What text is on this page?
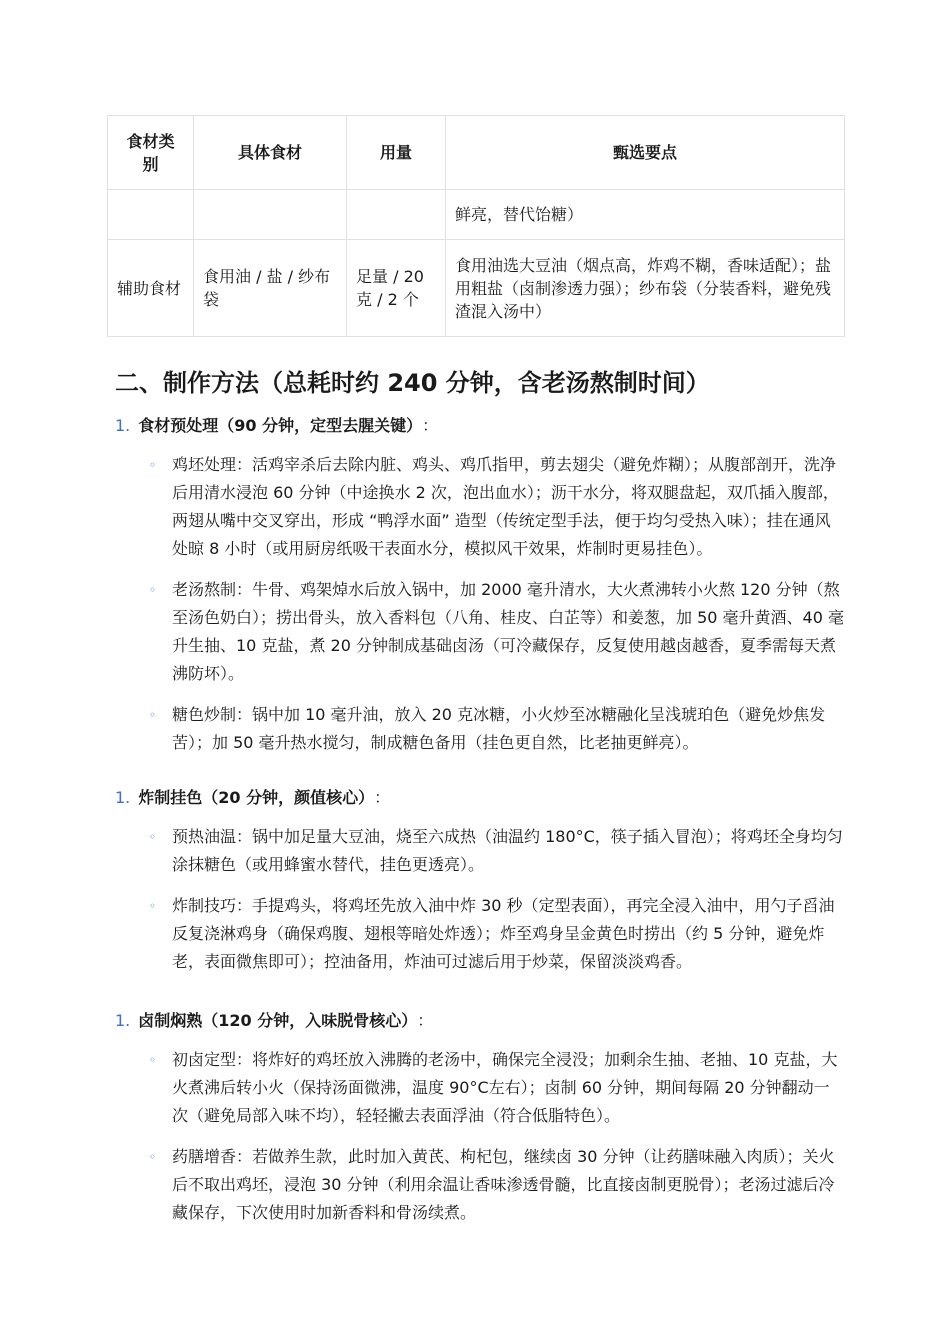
食材类别	具体食材	用量	甄选要点
			鲜亮，替代饴糖）
辅助食材	食用油 / 盐 / 纱布袋	足量 / 20 克 / 2 个	食用油选大豆油（烟点高，炸鸡不糊，香味适配）；盐用粗盐（卤制渗透力强）；纱布袋（分装香料，避免残渣混入汤中）
二、制作方法（总耗时约 240 分钟，含老汤熬制时间）
1. 食材预处理（90 分钟，定型去腥关键） ：
◦ 鸡坯处理：活鸡宰杀后去除内脏、鸡头、鸡爪指甲，剪去翅尖（避免炸糊）；从腹部剖开，洗净后用清水浸泡 60 分钟（中途换水 2 次，泡出血水）；沥干水分，将双腿盘起，双爪插入腹部，两翅从嘴中交叉穿出，形成 “鸭浮水面” 造型（传统定型手法，便于均匀受热入味）；挂在通风处晾 8 小时（或用厨房纸吸干表面水分，模拟风干效果，炸制时更易挂色）。
◦ 老汤熬制：牛骨、鸡架焯水后放入锅中，加 2000 毫升清水，大火煮沸转小火熬 120 分钟（熬至汤色奶白）；捞出骨头，放入香料包（八角、桂皮、白芷等）和姜葱，加 50 毫升黄酒、40 毫升生抽、10 克盐，煮 20 分钟制成基础卤汤（可冷藏保存，反复使用越卤越香，夏季需每天煮沸防坏）。
◦ 糖色炒制：锅中加 10 毫升油，放入 20 克冰糖，小火炒至冰糖融化呈浅琥珀色（避免炒焦发苦）；加 50 毫升热水搅匀，制成糖色备用（挂色更自然，比老抽更鲜亮）。
1. 炸制挂色（20 分钟，颜值核心） ：
◦ 预热油温：锅中加足量大豆油，烧至六成热（油温约 180°C，筷子插入冒泡）；将鸡坯全身均匀涂抹糖色（或用蜂蜜水替代，挂色更透亮）。
◦ 炸制技巧：手提鸡头，将鸡坯先放入油中炸 30 秒（定型表面），再完全浸入油中，用勺子舀油反复浇淋鸡身（确保鸡腹、翅根等暗处炸透）；炸至鸡身呈金黄色时捞出（约 5 分钟，避免炸老，表面微焦即可）；控油备用，炸油可过滤后用于炒菜，保留淡淡鸡香。
1. 卤制焖熟（120 分钟，入味脱骨核心） ：
◦ 初卤定型：将炸好的鸡坯放入沸腾的老汤中，确保完全浸没；加剩余生抽、老抽、10 克盐，大火煮沸后转小火（保持汤面微沸，温度 90°C左右）；卤制 60 分钟，期间每隔 20 分钟翻动一次（避免局部入味不均），轻轻撇去表面浮油（符合低脂特色）。
◦ 药膳增香：若做养生款，此时加入黄芪、枸杞包，继续卤 30 分钟（让药膳味融入肉质）；关火后不取出鸡坯，浸泡 30 分钟（利用余温让香味渗透骨髓，比直接卤制更脱骨）；老汤过滤后冷藏保存，下次使用时加新香料和骨汤续煮。
